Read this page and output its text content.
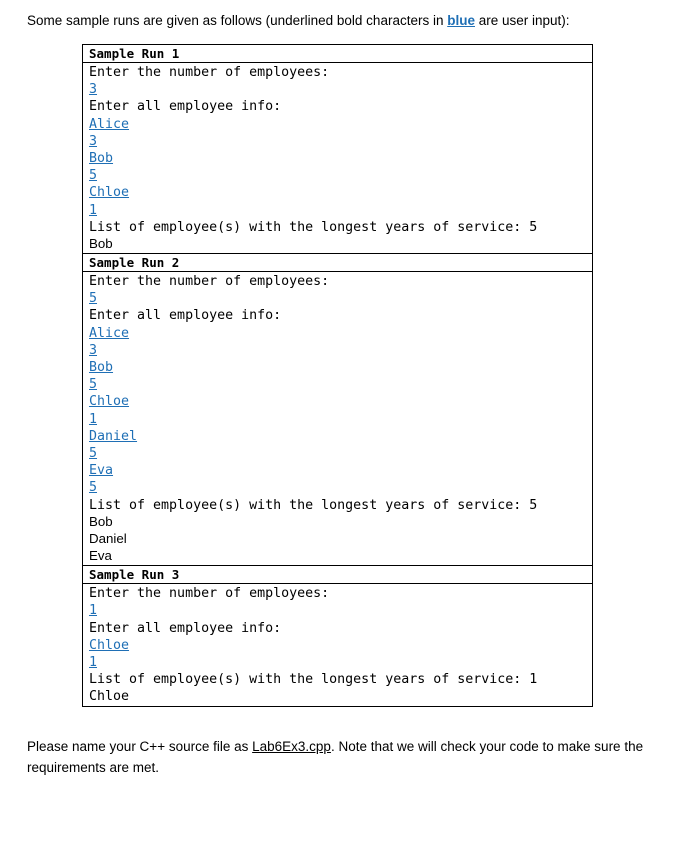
Some sample runs are given as follows (underlined bold characters in blue are user input):
Sample Run 1
Enter the number of employees:
3
Enter all employee info:
Alice
3
Bob
5
Chloe
1
List of employee(s) with the longest years of service: 5
Bob
Sample Run 2
Enter the number of employees:
5
Enter all employee info:
Alice
3
Bob
5
Chloe
1
Daniel
5
Eva
5
List of employee(s) with the longest years of service: 5
Bob
Daniel
Eva
Sample Run 3
Enter the number of employees:
1
Enter all employee info:
Chloe
1
List of employee(s) with the longest years of service: 1
Chloe
Please name your C++ source file as Lab6Ex3.cpp. Note that we will check your code to make sure the requirements are met.
